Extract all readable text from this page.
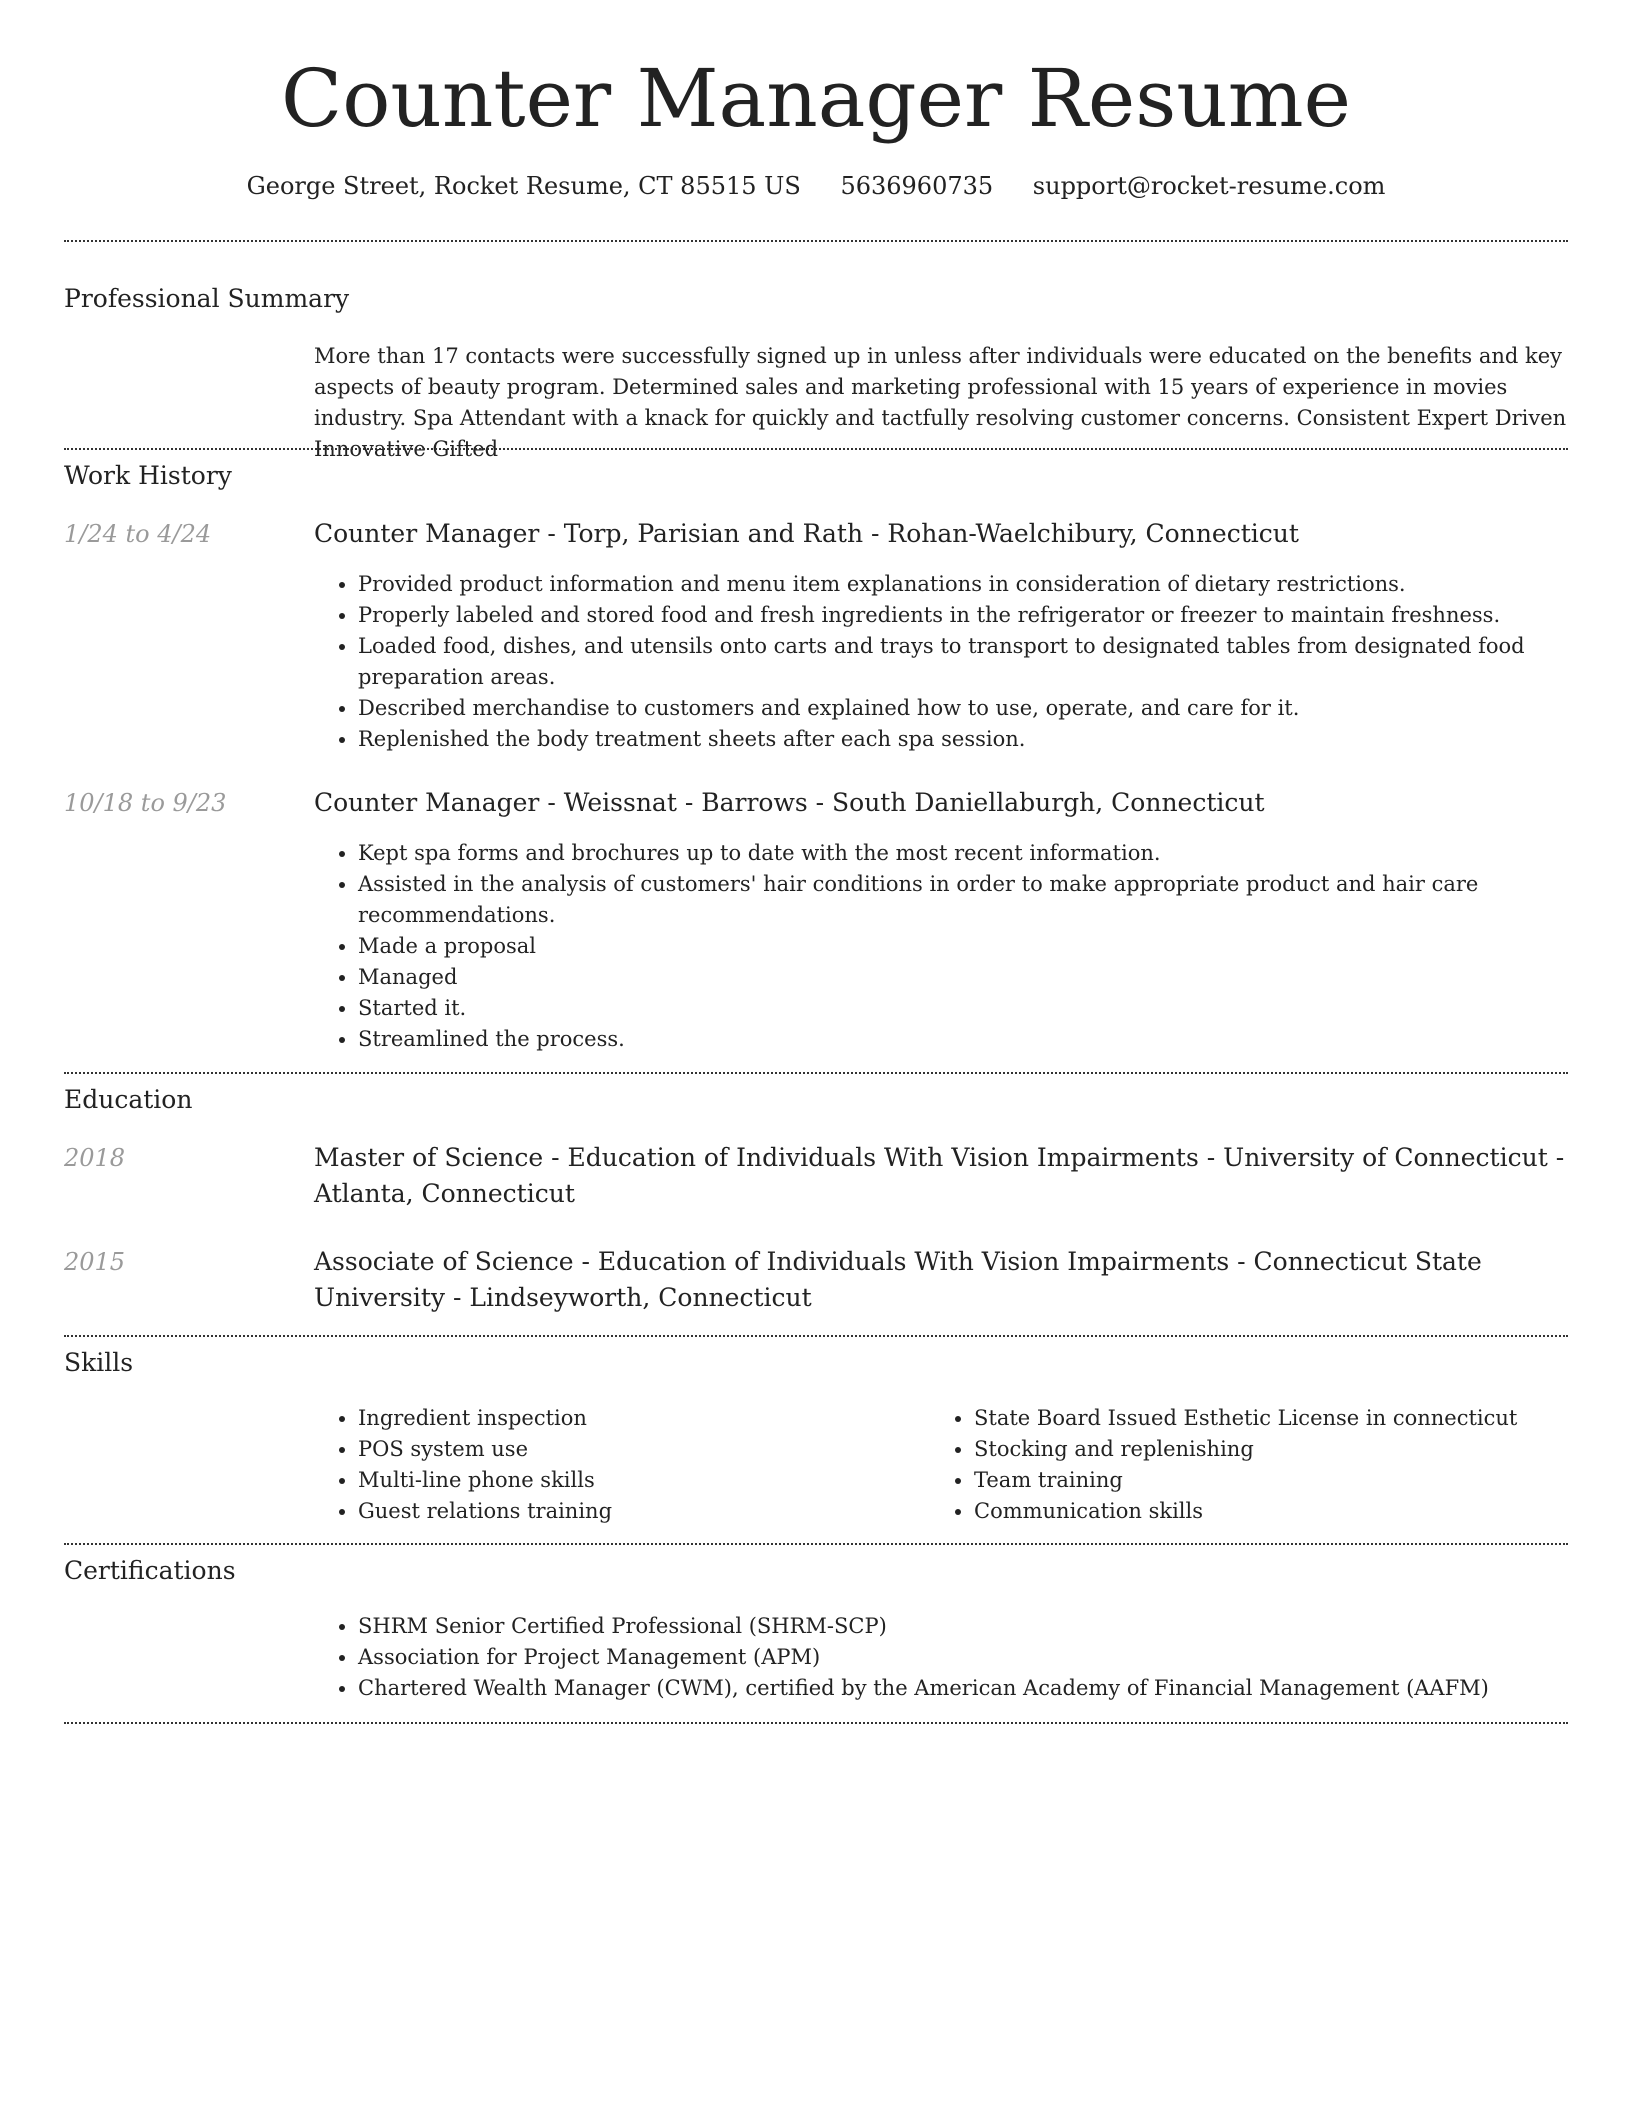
Counter Manager Resume
George Street, Rocket Resume, CT 85515 US 5636960735 support@rocket-resume.com
Professional Summary

More than 17 contacts were successfully signed up in unless after individuals were educated on the benefits and key aspects of beauty program. Determined sales and marketing professional with 15 years of experience in movies industry. Spa Attendant with a knack for quickly and tactfully resolving customer concerns. Consistent Expert Driven Innovative Gifted

Work History
1/24 to 4/24	Counter Manager - Torp, Parisian and Rath - Rohan-Waelchibury, Connecticut
• Provided product information and menu item explanations in consideration of dietary restrictions.
• Properly labeled and stored food and fresh ingredients in the refrigerator or freezer to maintain freshness.
• Loaded food, dishes, and utensils onto carts and trays to transport to designated tables from designated food preparation areas.
• Described merchandise to customers and explained how to use, operate, and care for it.
• Replenished the body treatment sheets after each spa session.
10/18 to 9/23	Counter Manager - Weissnat - Barrows - South Daniellaburgh, Connecticut
• Kept spa forms and brochures up to date with the most recent information.
• Assisted in the analysis of customers' hair conditions in order to make appropriate product and hair care recommendations.
• Made a proposal
• Managed
• Started it.
• Streamlined the process.
Education
2018	Master of Science - Education of Individuals With Vision Impairments - University of Connecticut - Atlanta, Connecticut
2015	Associate of Science - Education of Individuals With Vision Impairments - Connecticut State University - Lindseyworth, Connecticut
Skills
• Ingredient inspection
• POS system use
• Multi-line phone skills
• Guest relations training
• State Board Issued Esthetic License in connecticut
• Stocking and replenishing
• Team training
• Communication skills
Certifications
• SHRM Senior Certified Professional (SHRM-SCP)
• Association for Project Management (APM)
• Chartered Wealth Manager (CWM), certified by the American Academy of Financial Management (AAFM)
